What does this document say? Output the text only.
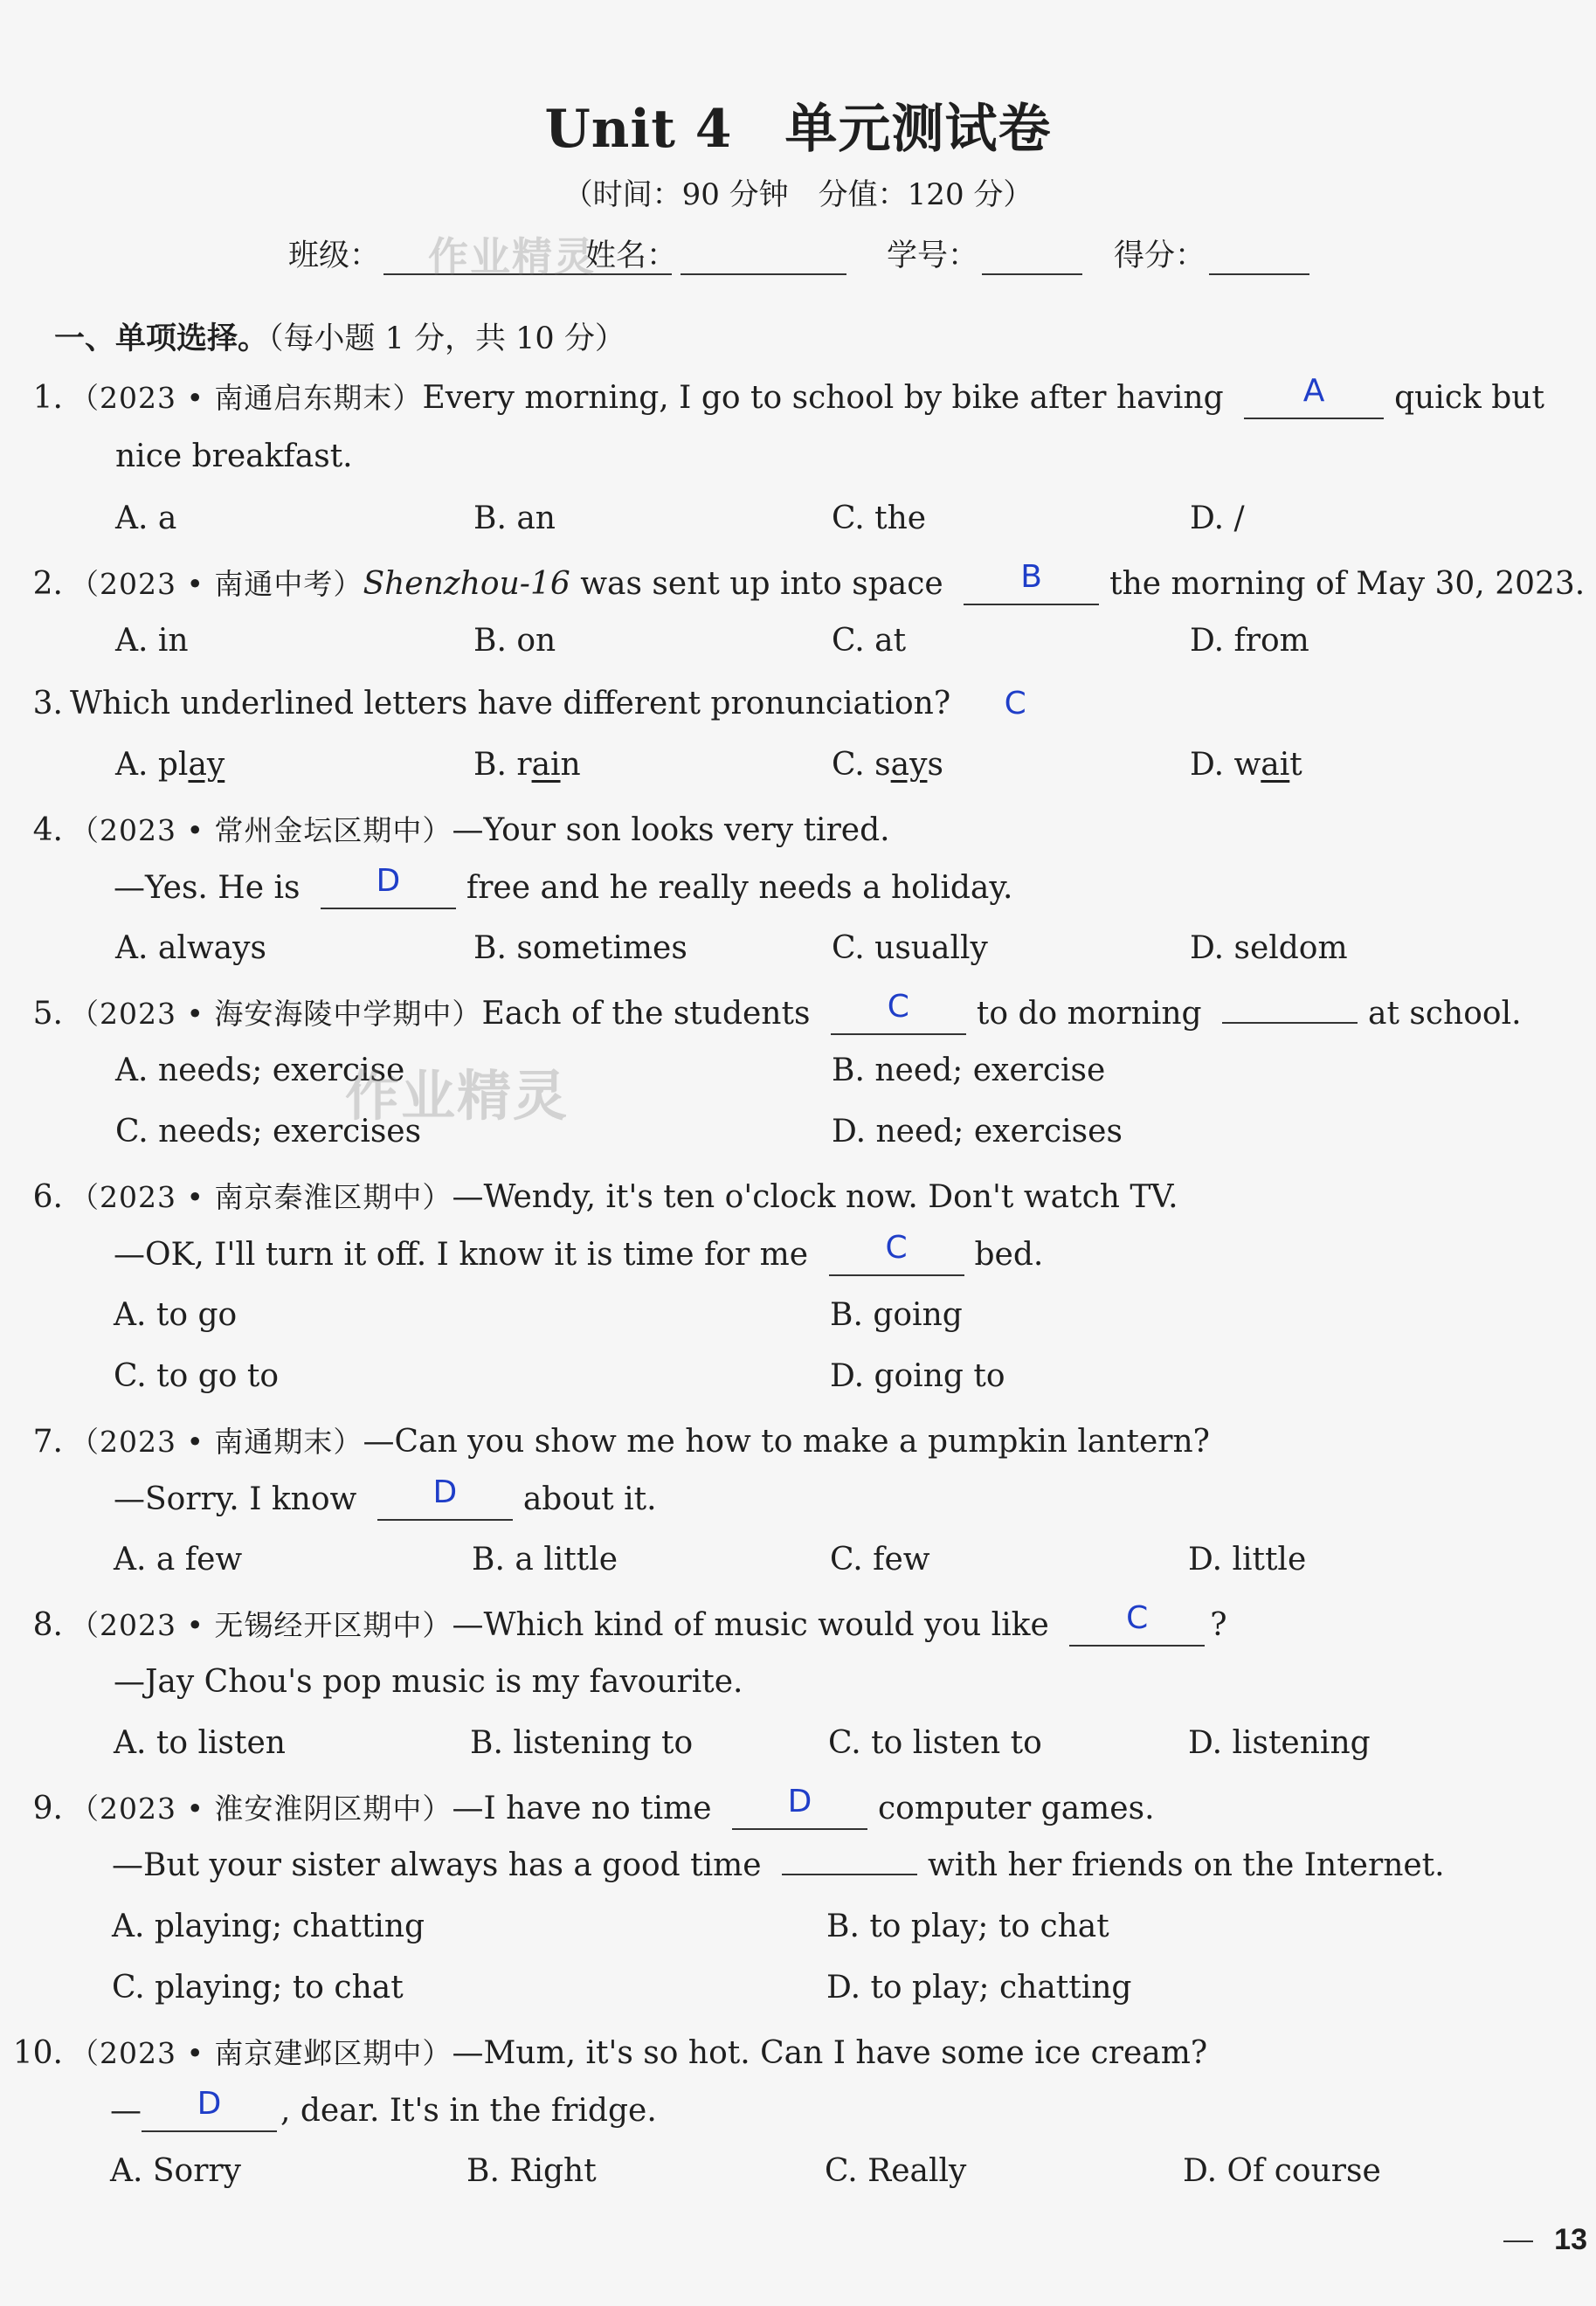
Unit 4 单元测试卷
（时间：90 分钟　分值：120 分）
班级：	姓名：	学号：	得分：
作业精灵
一、单项选择。（每小题 1 分，共 10 分）
1. （2023 • 南通启东期末）Every morning, I go to school by bike after having	A quick but
nice breakfast.
A. a	B. an	C. the	D. /
2. （2023 • 南通中考）Shenzhou-16 was sent up into space B the morning of May 30, 2023.
A. in	B. on	C. at	D. from
3. Which underlined letters have different pronunciation? C
A. play	B. rain	C. says	D. wait
4. （2023 • 常州金坛区期中）—Your son looks very tired.
—Yes. He is D free and he really needs a holiday.
A. always	B. sometimes	C. usually	D. seldom
5. （2023 • 海安海陵中学期中）Each of the students C to do morning	at school.
A. needs; exercise	B. need; exercise
C. needs; exercises	D. need; exercises
作业精灵
6. （2023 • 南京秦淮区期中）—Wendy, it's ten o'clock now. Don't watch TV.
—OK, I'll turn it off. I know it is time for me C bed.
A. to go	B. going
C. to go to	D. going to
7. （2023 • 南通期末）—Can you show me how to make a pumpkin lantern?
—Sorry. I know D about it.
A. a few	B. a little	C. few	D. little
8. （2023 • 无锡经开区期中）—Which kind of music would you like C ?
—Jay Chou's pop music is my favourite.
A. to listen	B. listening to	C. to listen to	D. listening
9. （2023 • 淮安淮阴区期中）—I have no time D computer games.
—But your sister always has a good time	with her friends on the Internet.
A. playing; chatting	B. to play; to chat
C. playing; to chat	D. to play; chatting
10. （2023 • 南京建邺区期中）—Mum, it's so hot. Can I have some ice cream?
— D , dear. It's in the fridge.
A. Sorry	B. Right	C. Really	D. Of course
13
